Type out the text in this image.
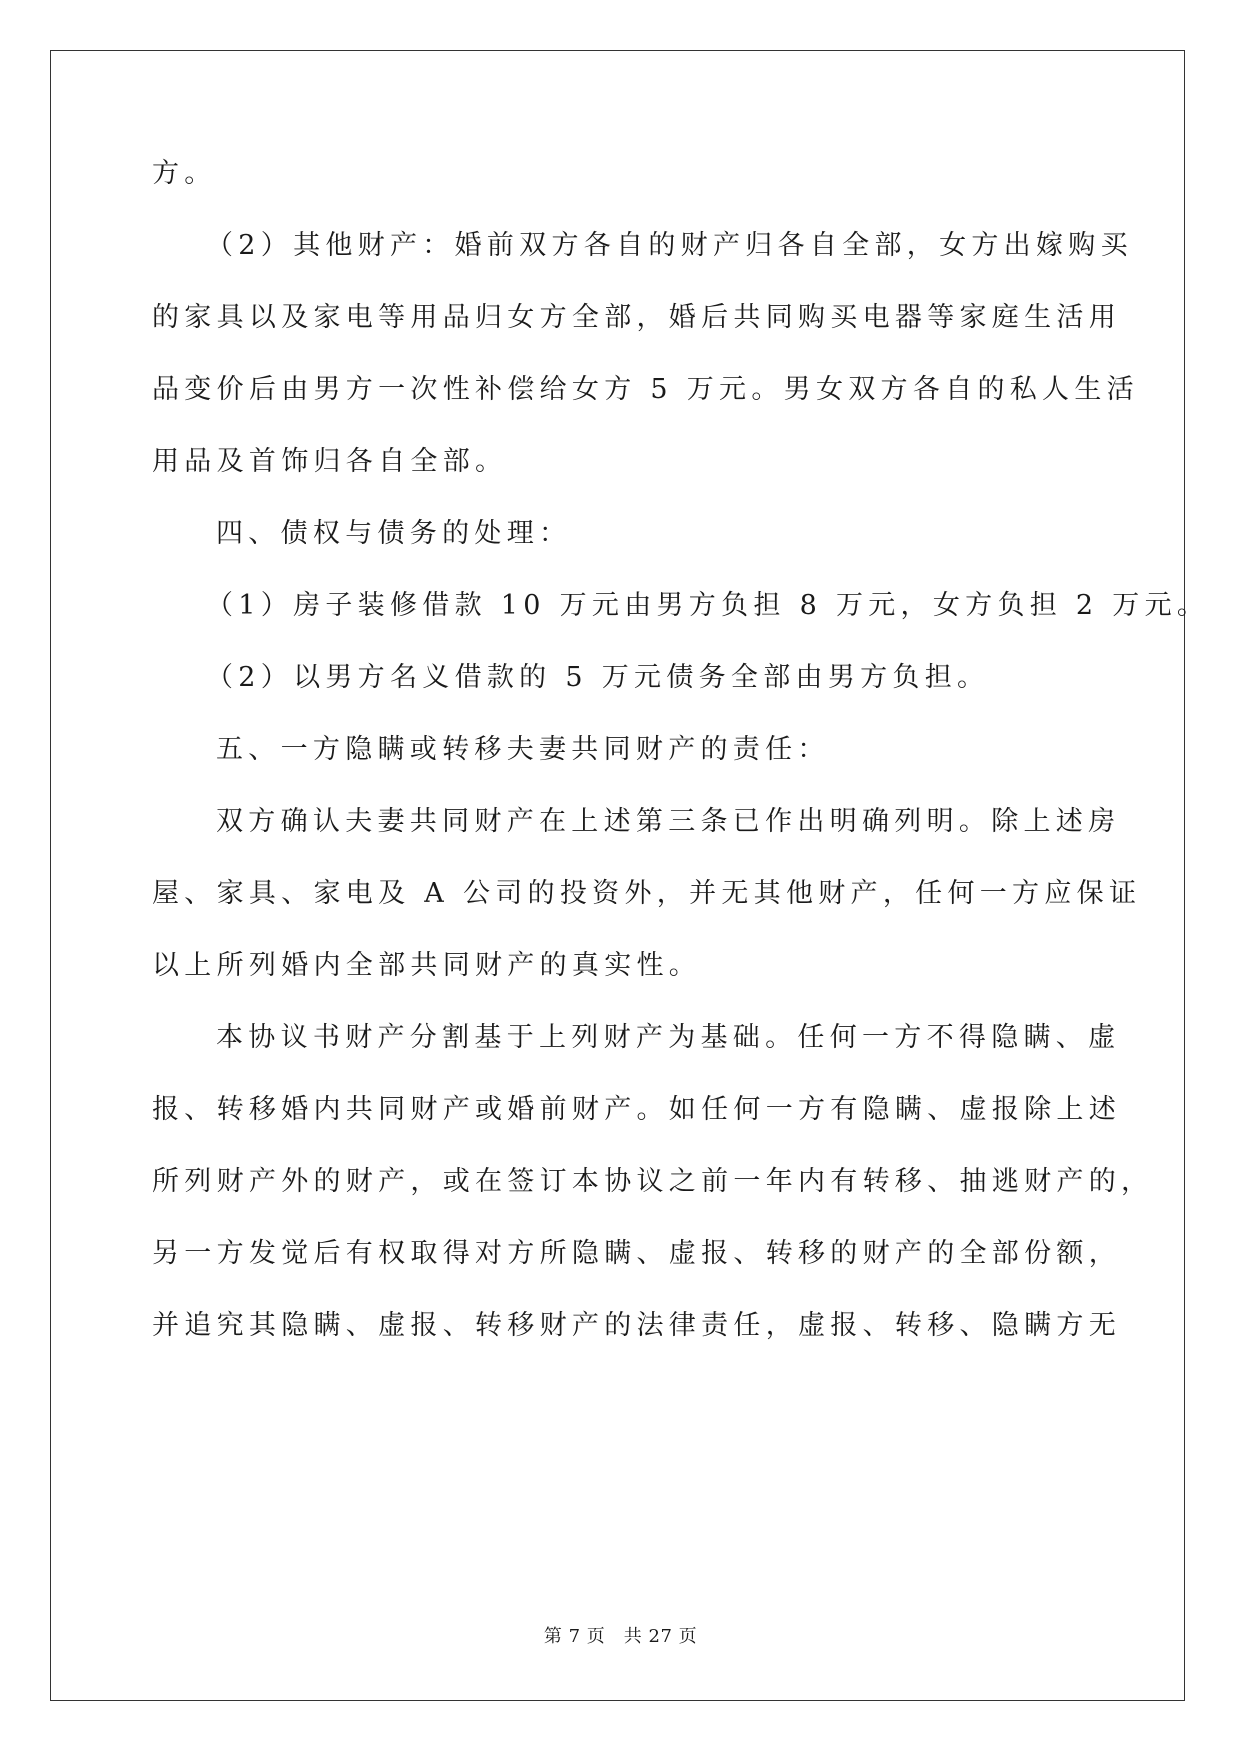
方。
（2）其他财产：婚前双方各自的财产归各自全部，女方出嫁购买
的家具以及家电等用品归女方全部，婚后共同购买电器等家庭生活用
品变价后由男方一次性补偿给女方 5 万元。男女双方各自的私人生活
用品及首饰归各自全部。
四、债权与债务的处理：
（1）房子装修借款 10 万元由男方负担 8 万元，女方负担 2 万元。
（2）以男方名义借款的 5 万元债务全部由男方负担。
五、一方隐瞒或转移夫妻共同财产的责任：
双方确认夫妻共同财产在上述第三条已作出明确列明。除上述房
屋、家具、家电及 A 公司的投资外，并无其他财产，任何一方应保证
以上所列婚内全部共同财产的真实性。
本协议书财产分割基于上列财产为基础。任何一方不得隐瞒、虚
报、转移婚内共同财产或婚前财产。如任何一方有隐瞒、虚报除上述
所列财产外的财产，或在签订本协议之前一年内有转移、抽逃财产的，
另一方发觉后有权取得对方所隐瞒、虚报、转移的财产的全部份额，
并追究其隐瞒、虚报、转移财产的法律责任，虚报、转移、隐瞒方无
第 7 页　共 27 页
